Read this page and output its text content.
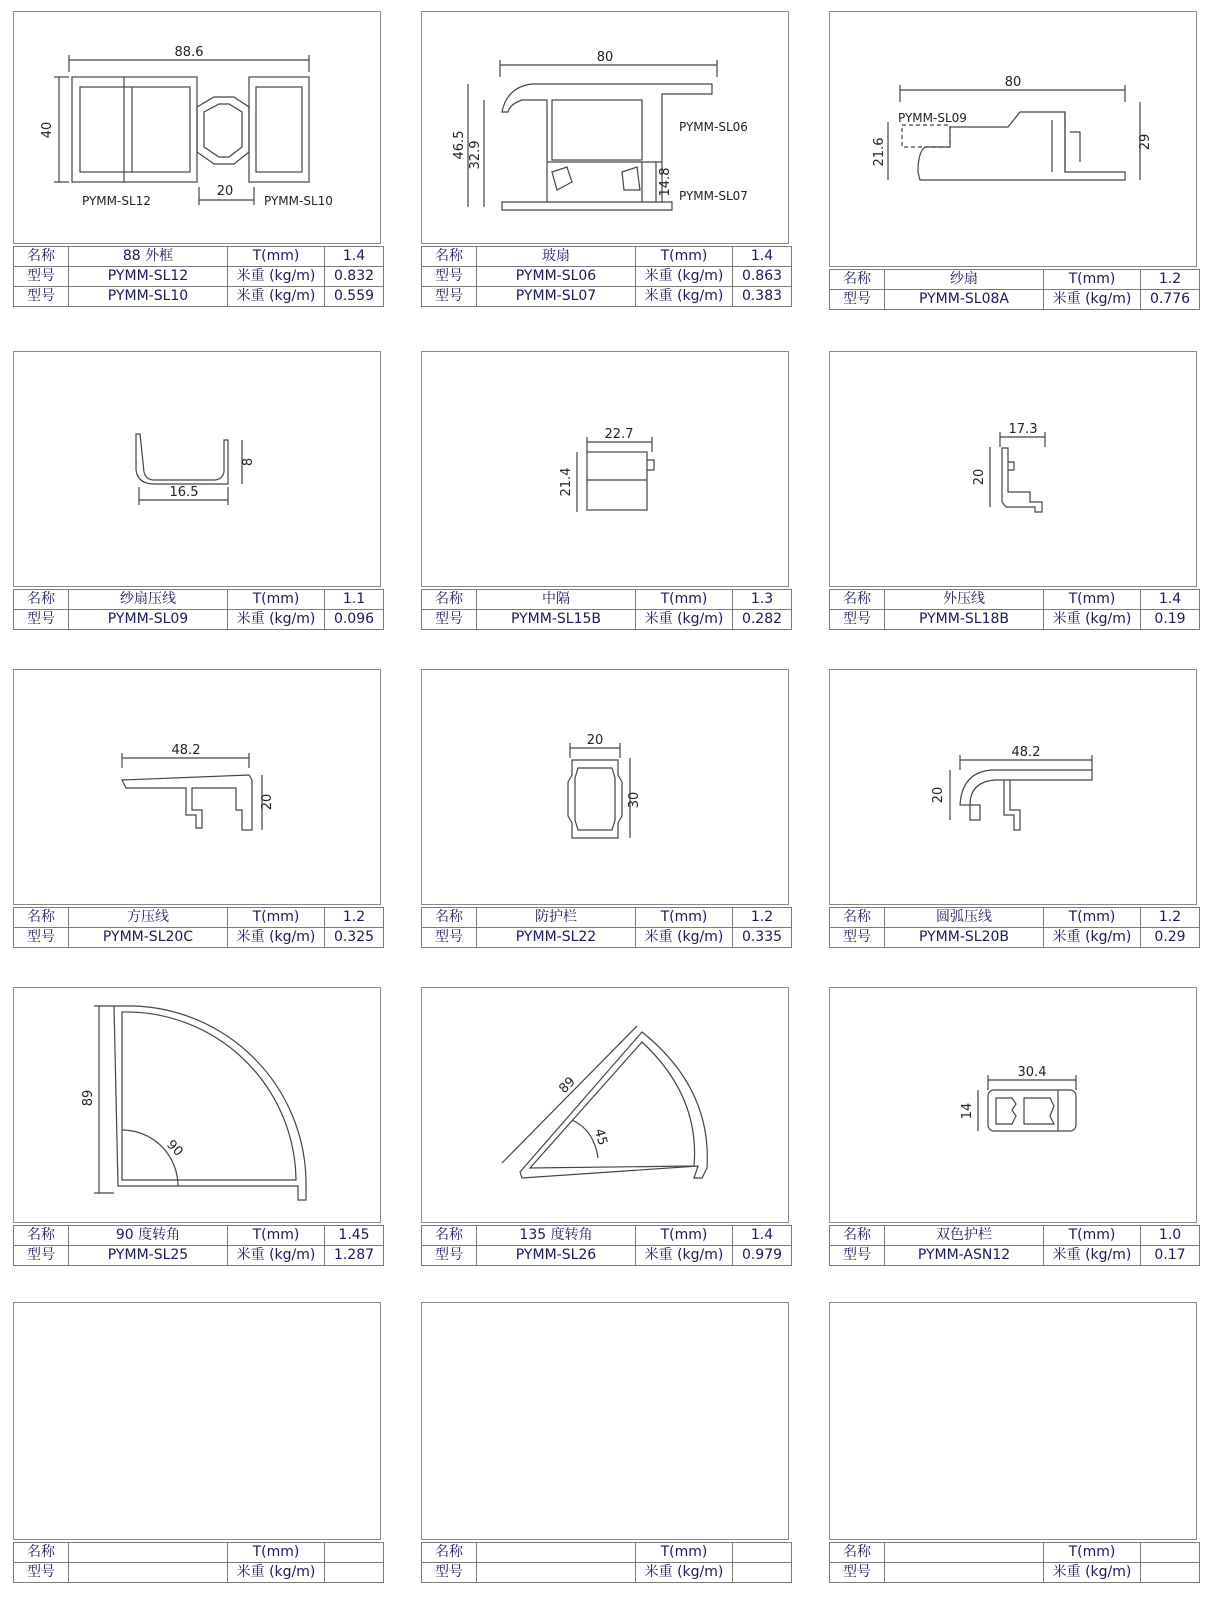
88.6
40
20
PYMM-SL12	PYMM-SL10
名称	88 外框	T(mm)	1.4
型号	PYMM-SL12	米重 (kg/m)	0.832
型号	PYMM-SL10	米重 (kg/m)	0.559
80
46.5 32.9
14.8
PYMM-SL06
PYMM-SL07
名称	玻扇	T(mm)	1.4
型号	PYMM-SL06	米重 (kg/m)	0.863
型号	PYMM-SL07	米重 (kg/m)	0.383
80
21.6	29
PYMM-SL09
名称	纱扇	T(mm)	1.2
型号	PYMM-SL08A	米重 (kg/m)	0.776
16.5
8
名称	纱扇压线	T(mm)	1.1
型号	PYMM-SL09	米重 (kg/m)	0.096
22.7
21.4
名称	中隔	T(mm)	1.3
型号	PYMM-SL15B	米重 (kg/m)	0.282
17.3
20
名称	外压线	T(mm)	1.4
型号	PYMM-SL18B	米重 (kg/m)	0.19
48.2
20
名称	方压线	T(mm)	1.2
型号	PYMM-SL20C	米重 (kg/m)	0.325
20
30
名称	防护栏	T(mm)	1.2
型号	PYMM-SL22	米重 (kg/m)	0.335
48.2
20
名称	圆弧压线	T(mm)	1.2
型号	PYMM-SL20B	米重 (kg/m)	0.29
89
90
名称	90 度转角	T(mm)	1.45
型号	PYMM-SL25	米重 (kg/m)	1.287
89
45
名称	135 度转角	T(mm)	1.4
型号	PYMM-SL26	米重 (kg/m)	0.979
30.4
14
名称	双色护栏	T(mm)	1.0
型号	PYMM-ASN12	米重 (kg/m)	0.17
名称		T(mm)	
型号		米重 (kg/m)	
名称		T(mm)	
型号		米重 (kg/m)	
名称		T(mm)	
型号		米重 (kg/m)	
